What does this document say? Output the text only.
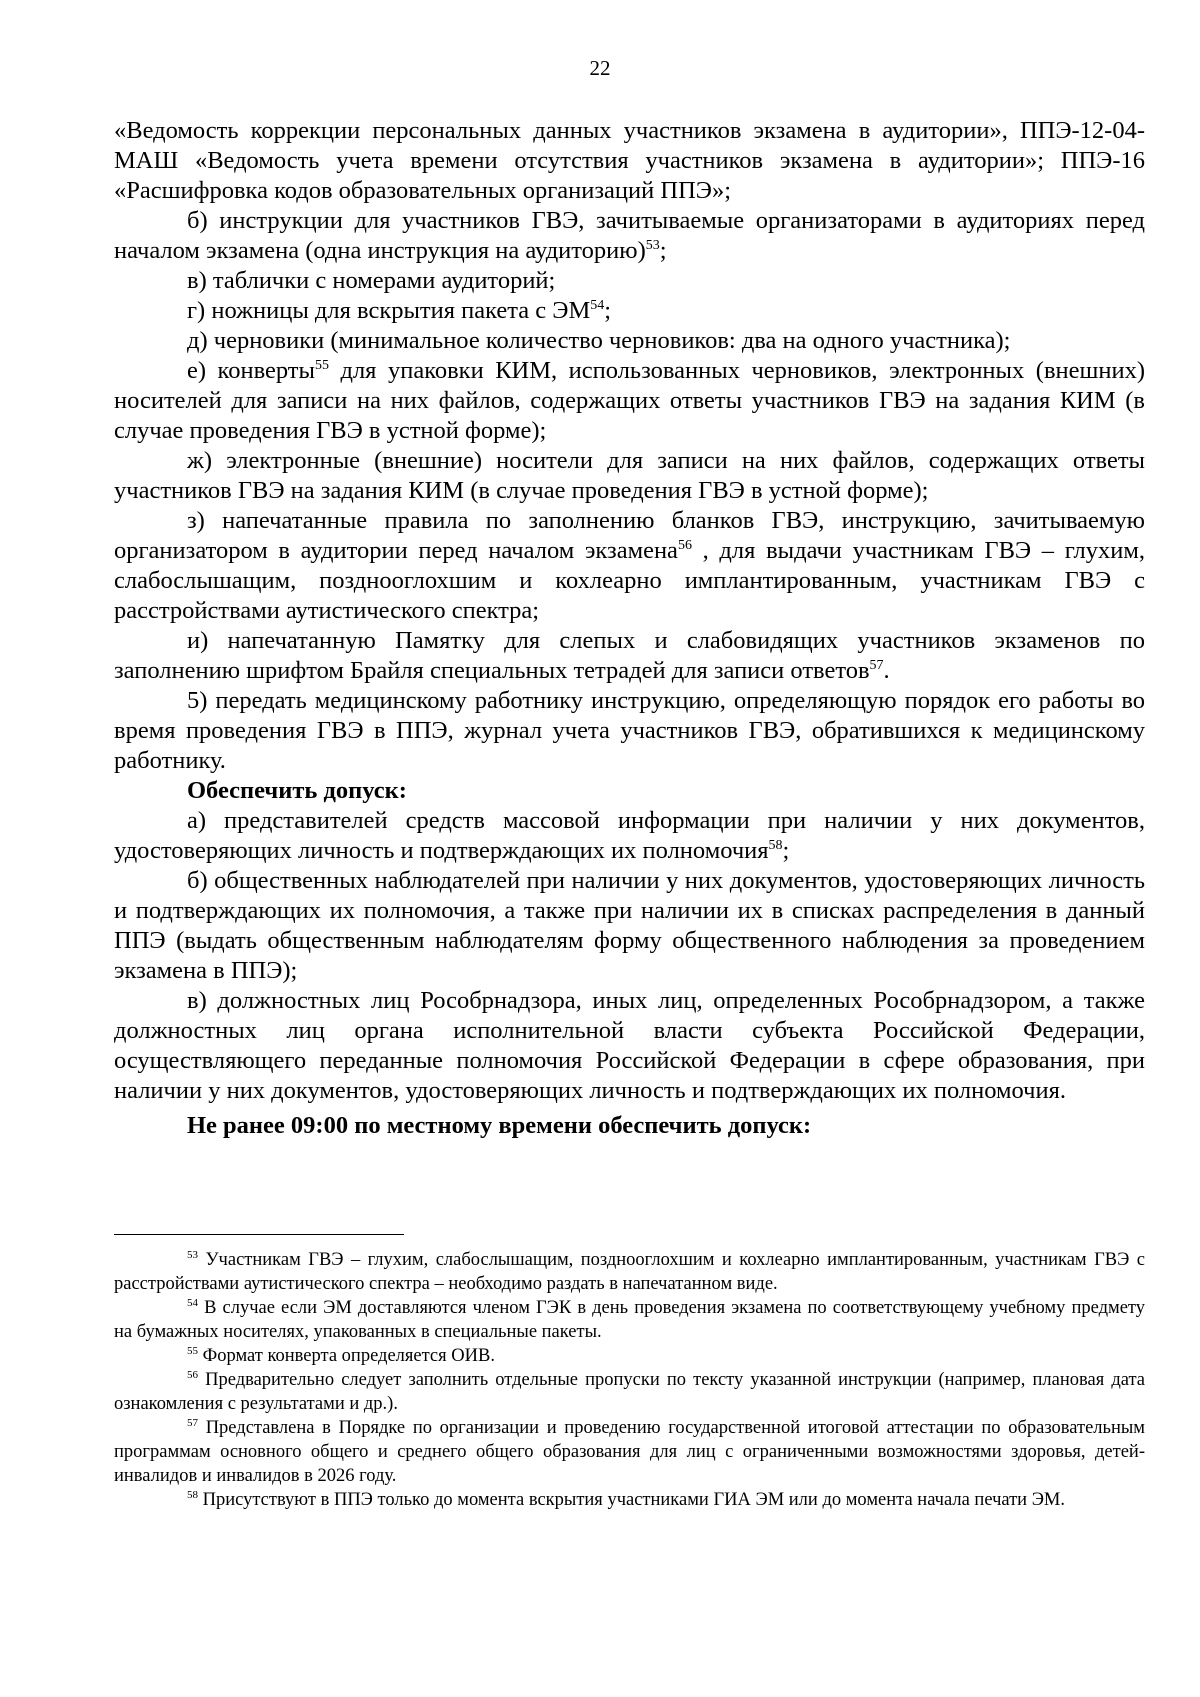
22

«Ведомость коррекции персональных данных участников экзамена в аудитории», ППЭ-12-04-МАШ «Ведомость учета времени отсутствия участников экзамена в аудитории»; ППЭ-16 «Расшифровка кодов образовательных организаций ППЭ»;

б) инструкции для участников ГВЭ, зачитываемые организаторами в аудиториях перед началом экзамена (одна инструкция на аудиторию)$^{53}$;

в) таблички с номерами аудиторий;

г) ножницы для вскрытия пакета с ЭМ$^{54}$;

д) черновики (минимальное количество черновиков: два на одного участника);

е) конверты$^{55}$ для упаковки КИМ, использованных черновиков, электронных (внешних) носителей для записи на них файлов, содержащих ответы участников ГВЭ на задания КИМ (в случае проведения ГВЭ в устной форме);

ж) электронные (внешние) носители для записи на них файлов, содержащих ответы участников ГВЭ на задания КИМ (в случае проведения ГВЭ в устной форме);

з) напечатанные правила по заполнению бланков ГВЭ, инструкцию, зачитываемую организатором в аудитории перед началом экзамена$^{56}$ , для выдачи участникам ГВЭ – глухим, слабослышащим, позднооглохшим и кохлеарно имплантированным, участникам ГВЭ с расстройствами аутистического спектра;

и) напечатанную Памятку для слепых и слабовидящих участников экзаменов по заполнению шрифтом Брайля специальных тетрадей для записи ответов$^{57}$.

5) передать медицинскому работнику инструкцию, определяющую порядок его работы во время проведения ГВЭ в ППЭ, журнал учета участников ГВЭ, обратившихся к медицинскому работнику.

Обеспечить допуск:

а) представителей средств массовой информации при наличии у них документов, удостоверяющих личность и подтверждающих их полномочия$^{58}$;

б) общественных наблюдателей при наличии у них документов, удостоверяющих личность и подтверждающих их полномочия, а также при наличии их в списках распределения в данный ППЭ (выдать общественным наблюдателям форму общественного наблюдения за проведением экзамена в ППЭ);

в) должностных лиц Рособрнадзора, иных лиц, определенных Рособрнадзором, а также должностных лиц органа исполнительной власти субъекта Российской Федерации, осуществляющего переданные полномочия Российской Федерации в сфере образования, при наличии у них документов, удостоверяющих личность и подтверждающих их полномочия.

Не ранее 09:00 по местному времени обеспечить допуск:

$^{53}$ Участникам ГВЭ – глухим, слабослышащим, позднооглохшим и кохлеарно имплантированным, участникам ГВЭ с расстройствами аутистического спектра – необходимо раздать в напечатанном виде.

$^{54}$ В случае если ЭМ доставляются членом ГЭК в день проведения экзамена по соответствующему учебному предмету на бумажных носителях, упакованных в специальные пакеты.

$^{55}$ Формат конверта определяется ОИВ.

$^{56}$ Предварительно следует заполнить отдельные пропуски по тексту указанной инструкции (например, плановая дата ознакомления с результатами и др.).

$^{57}$ Представлена в Порядке по организации и проведению государственной итоговой аттестации по образовательным программам основного общего и среднего общего образования для лиц с ограниченными возможностями здоровья, детей-инвалидов и инвалидов в 2026 году.

$^{58}$ Присутствуют в ППЭ только до момента вскрытия участниками ГИА ЭМ или до момента начала печати ЭМ.
